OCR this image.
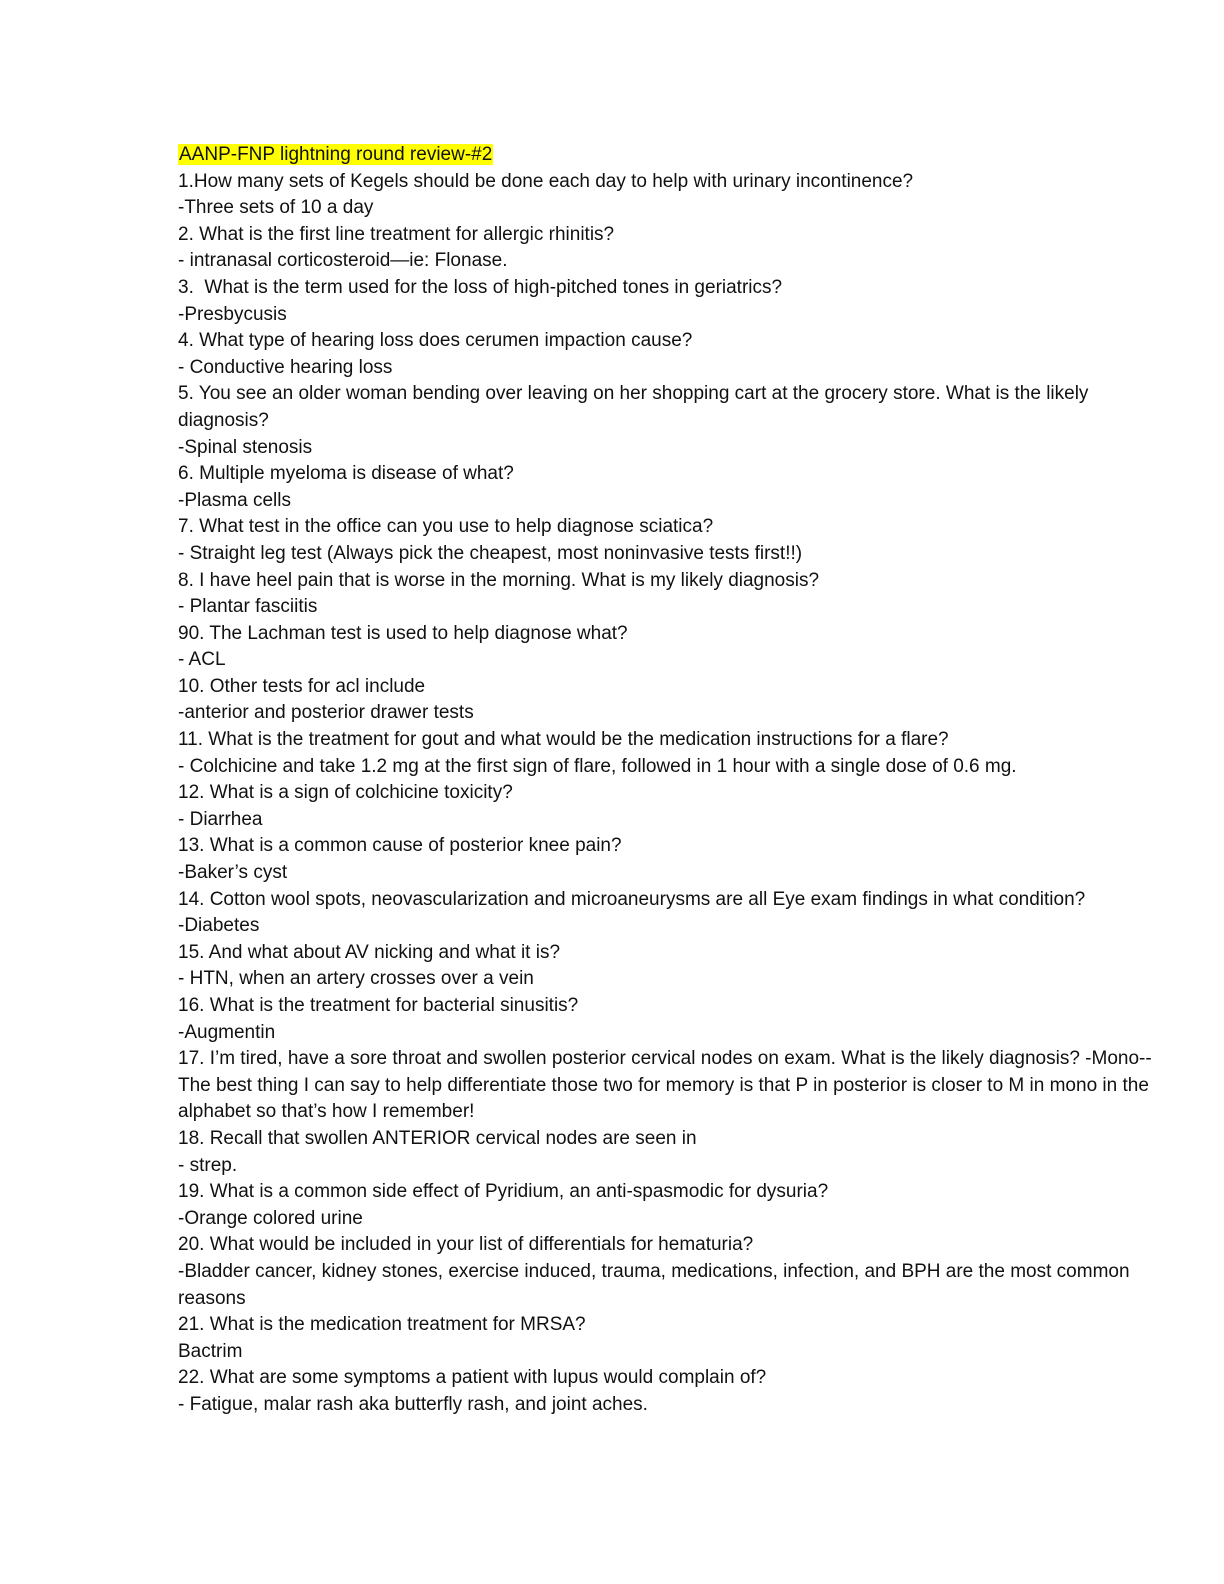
AANP-FNP lightning round review-#2
1.How many sets of Kegels should be done each day to help with urinary incontinence?
-Three sets of 10 a day
2. What is the first line treatment for allergic rhinitis?
- intranasal corticosteroid—ie: Flonase.
3.  What is the term used for the loss of high-pitched tones in geriatrics?
-Presbycusis
4. What type of hearing loss does cerumen impaction cause?
- Conductive hearing loss
5. You see an older woman bending over leaving on her shopping cart at the grocery store. What is the likely diagnosis?
-Spinal stenosis
6. Multiple myeloma is disease of what?
-Plasma cells
7. What test in the office can you use to help diagnose sciatica?
- Straight leg test (Always pick the cheapest, most noninvasive tests first!!)
8. I have heel pain that is worse in the morning. What is my likely diagnosis?
- Plantar fasciitis
90. The Lachman test is used to help diagnose what?
- ACL
10. Other tests for acl include
-anterior and posterior drawer tests
11. What is the treatment for gout and what would be the medication instructions for a flare?
- Colchicine and take 1.2 mg at the first sign of flare, followed in 1 hour with a single dose of 0.6 mg.
12. What is a sign of colchicine toxicity?
- Diarrhea
13. What is a common cause of posterior knee pain?
-Baker’s cyst
14. Cotton wool spots, neovascularization and microaneurysms are all Eye exam findings in what condition?
-Diabetes
15. And what about AV nicking and what it is?
- HTN, when an artery crosses over a vein
16. What is the treatment for bacterial sinusitis?
-Augmentin
17. I’m tired, have a sore throat and swollen posterior cervical nodes on exam. What is the likely diagnosis? -Mono--The best thing I can say to help differentiate those two for memory is that P in posterior is closer to M in mono in the alphabet so that’s how I remember!
18. Recall that swollen ANTERIOR cervical nodes are seen in
- strep.
19. What is a common side effect of Pyridium, an anti-spasmodic for dysuria?
-Orange colored urine
20. What would be included in your list of differentials for hematuria?
-Bladder cancer, kidney stones, exercise induced, trauma, medications, infection, and BPH are the most common reasons
21. What is the medication treatment for MRSA?
Bactrim
22. What are some symptoms a patient with lupus would complain of?
- Fatigue, malar rash aka butterfly rash, and joint aches.
